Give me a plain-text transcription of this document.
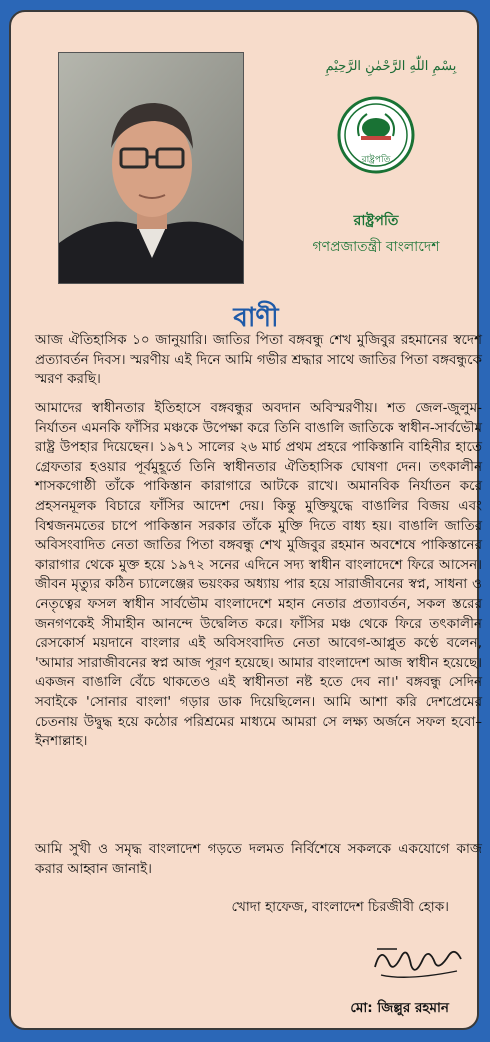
بِسْمِ اللّٰهِ الرَّحْمٰنِ الرَّحِيْمِ
রাষ্ট্রপতি
রাষ্ট্রপতি
গণপ্রজাতন্ত্রী বাংলাদেশ
বাণী

আজ ঐতিহাসিক ১০ জানুয়ারি। জাতির পিতা বঙ্গবন্ধু শেখ মুজিবুর রহমানের স্বদেশ প্রত্যাবর্তন দিবস। স্মরণীয় এই দিনে আমি গভীর শ্রদ্ধার সাথে জাতির পিতা বঙ্গবন্ধুকে স্মরণ করছি।

আমাদের স্বাধীনতার ইতিহাসে বঙ্গবন্ধুর অবদান অবিস্মরণীয়। শত জেল-জুলুম-নির্যাতন এমনকি ফাঁসির মঞ্চকে উপেক্ষা করে তিনি বাঙালি জাতিকে স্বাধীন-সার্বভৌম রাষ্ট্র উপহার দিয়েছেন। ১৯৭১ সালের ২৬ মার্চ প্রথম প্রহরে পাকিস্তানি বাহিনীর হাতে গ্রেফতার হওয়ার পূর্বমুহূর্তে তিনি স্বাধীনতার ঐতিহাসিক ঘোষণা দেন। তৎকালীন শাসকগোষ্ঠী তাঁকে পাকিস্তান কারাগারে আটকে রাখে। অমানবিক নির্যাতন করে প্রহসনমূলক বিচারে ফাঁসির আদেশ দেয়। কিন্তু মুক্তিযুদ্ধে বাঙালির বিজয় এবং বিশ্বজনমতের চাপে পাকিস্তান সরকার তাঁকে মুক্তি দিতে বাধ্য হয়। বাঙালি জাতির অবিসংবাদিত নেতা জাতির পিতা বঙ্গবন্ধু শেখ মুজিবুর রহমান অবশেষে পাকিস্তানের কারাগার থেকে মুক্ত হয়ে ১৯৭২ সনের এদিনে সদ্য স্বাধীন বাংলাদেশে ফিরে আসেন। জীবন মৃত্যুর কঠিন চ্যালেঞ্জের ভয়ংকর অধ্যায় পার হয়ে সারাজীবনের স্বপ্ন, সাধনা ও নেতৃত্বের ফসল স্বাধীন সার্বভৌম বাংলাদেশে মহান নেতার প্রত্যাবর্তন, সকল স্তরের জনগণকেই সীমাহীন আনন্দে উদ্বেলিত করে। ফাঁসির মঞ্চ থেকে ফিরে তৎকালীন রেসকোর্স ময়দানে বাংলার এই অবিসংবাদিত নেতা আবেগ-আপ্লুত কণ্ঠে বলেন, 'আমার সারাজীবনের স্বপ্ন আজ পূরণ হয়েছে। আমার বাংলাদেশ আজ স্বাধীন হয়েছে। একজন বাঙালি বেঁচে থাকতেও এই স্বাধীনতা নষ্ট হতে দেব না।' বঙ্গবন্ধু সেদিন সবাইকে 'সোনার বাংলা' গড়ার ডাক দিয়েছিলেন। আমি আশা করি দেশপ্রেমের চেতনায় উদ্বুদ্ধ হয়ে কঠোর পরিশ্রমের মাধ্যমে আমরা সে লক্ষ্য অর্জনে সফল হবো– ইনশাল্লাহ।

আমি সুখী ও সমৃদ্ধ বাংলাদেশ গড়তে দলমত নির্বিশেষে সকলকে একযোগে কাজ করার আহ্বান জানাই।

খোদা হাফেজ, বাংলাদেশ চিরজীবী হোক।
মো: জিল্লুর রহমান
